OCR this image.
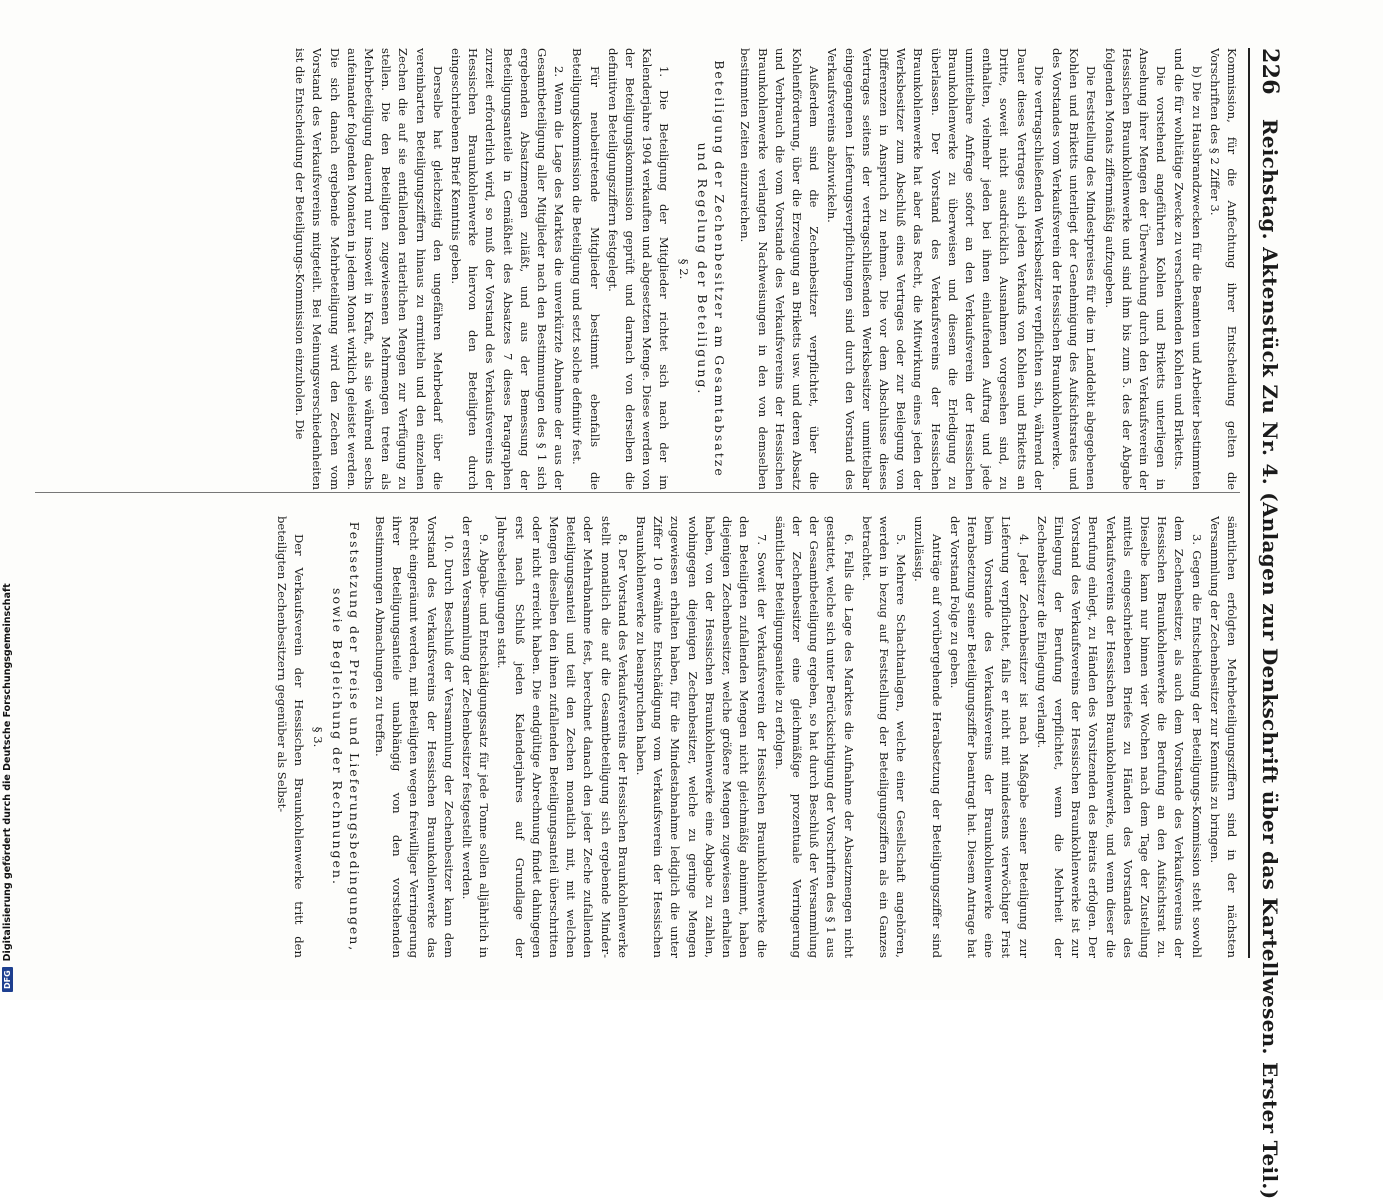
226
Reichstag. Aktenstück Zu Nr. 4. (Anlagen zur Denkschrift über das Kartellwesen. Erster Teil.)

Kommission, für die Anfechtung ihrer Entscheidung gelten die Vorschriften des § 2 Ziffer 3.

b) Die zu Hausbrandzwecken für die Beamten und Arbeiter bestimmten und die für wohltätige Zwecke zu verschenkenden Kohlen und Briketts.

Die vorstehend angeführten Kohlen und Briketts unterliegen in Ansehung ihrer Mengen der Überwachung durch den Verkaufsverein der Hessischen Braunkohlenwerke und sind ihm bis zum 5. des der Abgabe folgenden Monats ziffernmäßig aufzugeben.

Die Feststellung des Mindestpreises für die im Landdebit abgegebenen Kohlen und Briketts unterliegt der Genehmigung des Aufsichtsrates und des Vorstandes vom Verkaufsverein der Hessischen Braunkohlenwerke.

Die vertragschließenden Werksbesitzer verpflichten sich, während der Dauer dieses Vertrages sich jeden Verkaufs von Kohlen und Briketts an Dritte, soweit nicht ausdrücklich Ausnahmen vorgesehen sind, zu enthalten, vielmehr jeden bei ihnen einlaufenden Auftrag und jede unmittelbare Anfrage sofort an den Verkaufsverein der Hessischen Braunkohlenwerke zu überweisen und diesem die Erledigung zu überlassen. Der Vorstand des Verkaufsvereins der Hessischen Braunkohlenwerke hat aber das Recht, die Mitwirkung eines jeden der Werksbesitzer zum Abschluß eines Vertrages oder zur Beilegung von Differenzen in Anspruch zu nehmen. Die vor dem Abschlusse dieses Vertrages seitens der vertragschließenden Werksbesitzer unmittelbar eingegangenen Lieferungsverpflichtungen sind durch den Vorstand des Verkaufsvereins abzuwickeln.

Außerdem sind die Zechenbesitzer verpflichtet, über die Kohlenförderung, über die Erzeugung an Briketts usw. und deren Absatz und Verbrauch die vom Vorstande des Verkaufsvereins der Hessischen Braunkohlenwerke verlangten Nachweisungen in den von demselben bestimmten Zeiten einzureichen.

Beteiligung der Zechenbesitzer am Gesamtabsatze und Regelung der Beteiligung.

§ 2.

1. Die Beteiligung der Mitglieder richtet sich nach der im Kalenderjahre 1904 verkauften und abgesetzten Menge. Diese werden von der Beteiligungskommission geprüft und darnach von derselben die definitiven Beteiligungsziffern festgelegt.

Für neubeitretende Mitglieder bestimmt ebenfalls die Beteiligungskommission die Beteiligung und setzt solche definitiv fest.

2. Wenn die Lage des Marktes die unverkürzte Abnahme der aus der Gesamtbeteiligung aller Mitglieder nach den Bestimmungen des § 1 sich ergebenden Absatzmengen zuläßt, und aus der Bemessung der Beteiligungsanteile in Gemäßheit des Absatzes 7 dieses Paragraphen zurzeit erforderlich wird, so muß der Vorstand des Verkaufsvereins der Hessischen Braunkohlenwerke hiervon den Beteiligten durch eingeschriebenen Brief Kenntnis geben.

Derselbe hat gleichzeitig den ungefähren Mehrbedarf über die vereinbarten Beteiligungsziffern hinaus zu ermitteln und den einzelnen Zechen die auf sie entfallenden ratierlichen Mengen zur Verfügung zu stellen. Die den Beteiligten zugewiesenen Mehrmengen treten als Mehrbeteiligung dauernd nur insoweit in Kraft, als sie während sechs aufeinander folgenden Monaten in jedem Monat wirklich geleistet werden. Die sich danach ergebende Mehrbeteiligung wird den Zechen vom Vorstand des Verkaufsvereins mitgeteilt. Bei Meinungsverschiedenheiten ist die Entscheidung der Beteiligungs-Kommission einzuholen. Die

sämtlichen erfolgten Mehrbeteiligungsziffern sind in der nächsten Versammlung der Zechenbesitzer zur Kenntnis zu bringen.

3. Gegen die Entscheidung der Beteiligungs-Kommission steht sowohl dem Zechenbesitzer, als auch dem Vorstande des Verkaufsvereins der Hessischen Braunkohlenwerke die Berufung an den Aufsichtsrat zu. Dieselbe kann nur binnen vier Wochen nach dem Tage der Zustellung mittels eingeschriebenen Briefes zu Händen des Vorstandes des Verkaufsvereins der Hessischen Braunkohlenwerke, und wenn dieser die Berufung einlegt, zu Händen des Vorsitzenden des Beirats erfolgen. Der Vorstand des Verkaufsvereins der Hessischen Braunkohlenwerke ist zur Einlegung der Berufung verpflichtet, wenn die Mehrheit der Zechenbesitzer die Einlegung verlangt.

4. Jeder Zechenbesitzer ist nach Maßgabe seiner Beteiligung zur Lieferung verpflichtet, falls er nicht mit mindestens vierwöchiger Frist beim Vorstande des Verkaufsvereins der Braunkohlenwerke eine Herabsetzung seiner Beteiligungsziffer beantragt hat. Diesem Antrage hat der Vorstand Folge zu geben.

Anträge auf vorübergehende Herabsetzung der Beteiligungsziffer sind unzulässig.

5. Mehrere Schachtanlagen, welche einer Gesellschaft angehören, werden in bezug auf Feststellung der Beteiligungsziffern als ein Ganzes betrachtet.

6. Falls die Lage des Marktes die Aufnahme der Absatzmengen nicht gestattet, welche sich unter Berücksichtigung der Vorschriften des § 1 aus der Gesamtbeteiligung ergeben, so hat durch Beschluß der Versammlung der Zechenbesitzer eine gleichmäßige prozentuale Verringerung sämtlicher Beteiligungsanteile zu erfolgen.

7. Soweit der Verkaufsverein der Hessischen Braunkohlenwerke die den Beteiligten zufallenden Mengen nicht gleichmäßig abnimmt, haben diejenigen Zechenbesitzer, welche größere Mengen zugewiesen erhalten haben, von der Hessischen Braunkohlenwerke eine Abgabe zu zahlen, wohingegen diejenigen Zechenbesitzer, welche zu geringe Mengen zugewiesen erhalten haben, für die Mindestabnahme lediglich die unter Ziffer 10 erwähnte Entschädigung vom Verkaufsverein der Hessischen Braunkohlenwerke zu beanspruchen haben.

8. Der Vorstand des Verkaufsvereins der Hessischen Braunkohlenwerke stellt monatlich die auf die Gesamtbeteiligung sich ergebende Minder- oder Mehrabnahme fest, berechnet danach den jeder Zeche zufallenden Beteiligungsanteil und teilt den Zechen monatlich mit, mit welchen Mengen dieselben den ihnen zufallenden Beteiligungsanteil überschritten oder nicht erreicht haben. Die endgültige Abrechnung findet dahingegen erst nach Schluß jeden Kalenderjahres auf Grundlage der Jahresbeteiligungen statt.

9. Abgabe- und Entschädigungssatz für jede Tonne sollen alljährlich in der ersten Versammlung der Zechenbesitzer festgestellt werden.

10. Durch Beschluß der Versammlung der Zechenbesitzer kann dem Vorstand des Verkaufsvereins der Hessischen Braunkohlenwerke das Recht eingeräumt werden, mit Beteiligten wegen freiwilliger Verringerung ihrer Beteiligungsanteile unabhängig von den vorstehenden Bestimmungen Abmachungen zu treffen.

Festsetzung der Preise und Lieferungsbedingungen, sowie Begleichung der Rechnungen.

§ 3.

Der Verkaufsverein der Hessischen Braunkohlenwerke tritt den beteiligten Zechenbesitzern gegenüber als Selbst-

DFG
Digitalisierung gefördert durch die Deutsche Forschungsgemeinschaft
